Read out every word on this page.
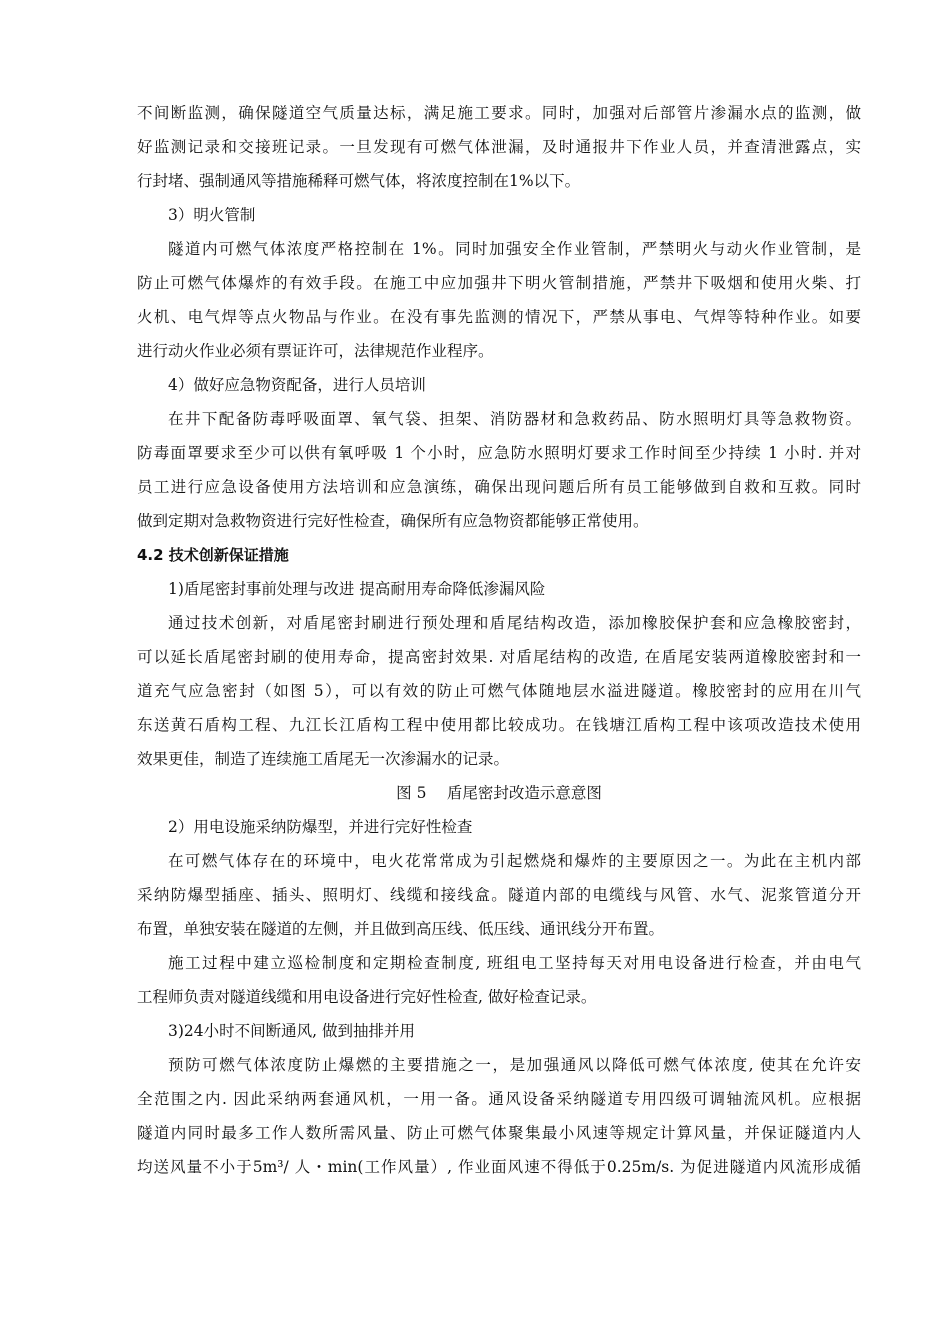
不间断监测，确保隧道空气质量达标，满足施工要求。同时，加强对后部管片渗漏水点的监测，做
好监测记录和交接班记录。一旦发现有可燃气体泄漏，及时通报井下作业人员，并查清泄露点，实
行封堵、强制通风等措施稀释可燃气体，将浓度控制在1%以下。
3）明火管制
隧道内可燃气体浓度严格控制在 1%。同时加强安全作业管制，严禁明火与动火作业管制，是
防止可燃气体爆炸的有效手段。在施工中应加强井下明火管制措施，严禁井下吸烟和使用火柴、打
火机、电气焊等点火物品与作业。在没有事先监测的情况下，严禁从事电、气焊等特种作业。如要
进行动火作业必须有票证许可，法律规范作业程序。
4）做好应急物资配备，进行人员培训
在井下配备防毒呼吸面罩、氧气袋、担架、消防器材和急救药品、防水照明灯具等急救物资。
防毒面罩要求至少可以供有氧呼吸 1 个小时，应急防水照明灯要求工作时间至少持续 1 小时. 并对
员工进行应急设备使用方法培训和应急演练，确保出现问题后所有员工能够做到自救和互救。同时
做到定期对急救物资进行完好性检查，确保所有应急物资都能够正常使用。
4.2 技术创新保证措施
1)盾尾密封事前处理与改进 提高耐用寿命降低渗漏风险
通过技术创新，对盾尾密封刷进行预处理和盾尾结构改造，添加橡胶保护套和应急橡胶密封，
可以延长盾尾密封刷的使用寿命，提高密封效果. 对盾尾结构的改造, 在盾尾安装两道橡胶密封和一
道充气应急密封（如图 5），可以有效的防止可燃气体随地层水溢进隧道。橡胶密封的应用在川气
东送黄石盾构工程、九江长江盾构工程中使用都比较成功。在钱塘江盾构工程中该项改造技术使用
效果更佳，制造了连续施工盾尾无一次渗漏水的记录。
图 5　 盾尾密封改造示意意图
2）用电设施采纳防爆型，并进行完好性检查
在可燃气体存在的环境中，电火花常常成为引起燃烧和爆炸的主要原因之一。为此在主机内部
采纳防爆型插座、插头、照明灯、线缆和接线盒。隧道内部的电缆线与风管、水气、泥浆管道分开
布置，单独安装在隧道的左侧，并且做到高压线、低压线、通讯线分开布置。
施工过程中建立巡检制度和定期检查制度, 班组电工坚持每天对用电设备进行检查，并由电气
工程师负责对隧道线缆和用电设备进行完好性检查, 做好检查记录。
3)24小时不间断通风, 做到抽排并用
预防可燃气体浓度防止爆燃的主要措施之一，是加强通风以降低可燃气体浓度, 使其在允许安
全范围之内. 因此采纳两套通风机，一用一备。通风设备采纳隧道专用四级可调轴流风机。应根据
隧道内同时最多工作人数所需风量、防止可燃气体聚集最小风速等规定计算风量，并保证隧道内人
均送风量不小于5m³/ 人・min(工作风量）, 作业面风速不得低于0.25m/s. 为促进隧道内风流形成循
